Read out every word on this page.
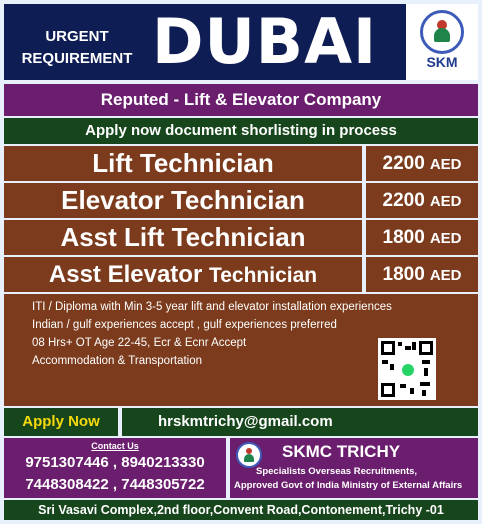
URGENT
REQUIREMENT DUBAI	SKM
Reputed - Lift & Elevator Company
Apply now document shorlisting in process
Lift Technician	2200 AED
Elevator Technician	2200 AED
Asst Lift Technician	1800 AED
Asst Elevator Technician	1800 AED
ITI / Diploma with Min 3-5 year lift and elevator installation experiences
Indian / gulf experiences accept , gulf experiences preferred
08 Hrs+ OT Age 22-45, Ecr & Ecnr Accept
Accommodation & Transportation
Apply Now	hrskmtrichy@gmail.com
Contact Us
9751307446 , 8940213330
7448308422 , 7448305722
SKMC TRICHY
Specialists Overseas Recruitments,
Approved Govt of India Ministry of External Affairs
Sri Vasavi Complex,2nd floor,Convent Road,Contonement,Trichy -01
